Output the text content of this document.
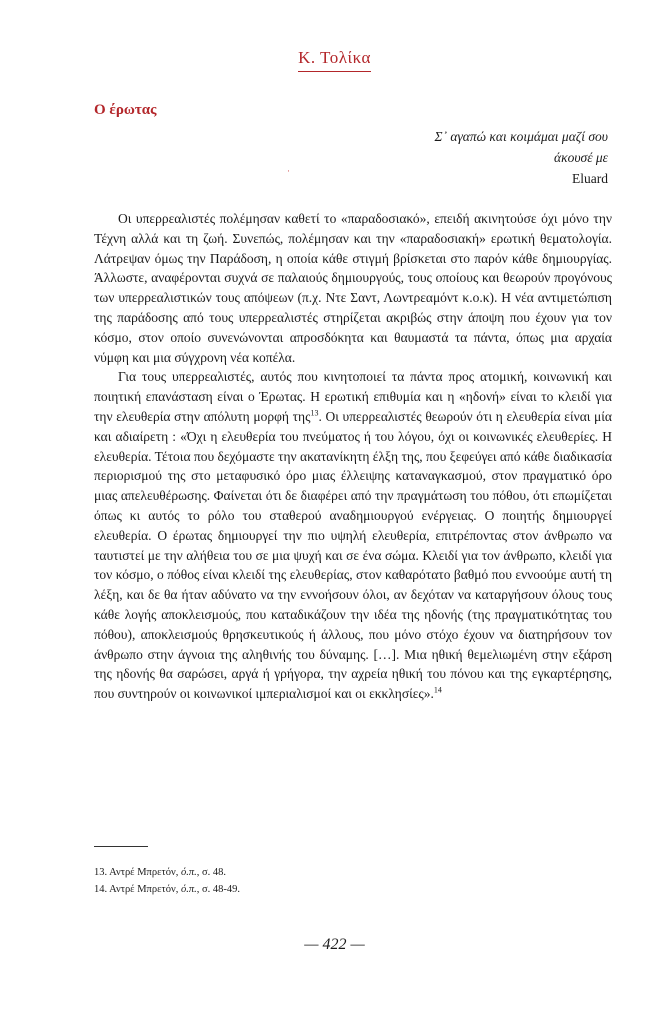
Κ. Τολίκα
Ο έρωτας
Σ᾽ αγαπώ και κοιμάμαι μαζί σου
άκουσέ με
Eluard
·

Οι υπερρεαλιστές πολέμησαν καθετί το «παραδοσιακό», επειδή ακινητούσε όχι μόνο την Τέχνη αλλά και τη ζωή. Συνεπώς, πολέμησαν και την «παραδοσιακή» ερωτική θεματολογία. Λάτρεψαν όμως την Παράδοση, η οποία κάθε στιγμή βρίσκεται στο παρόν κάθε δημιουργίας. Άλλωστε, αναφέρονται συχνά σε παλαιούς δημιουργούς, τους οποίους και θεωρούν προγόνους των υπερρεαλιστικών τους απόψεων (π.χ. Ντε Σαντ, Λωντρεαμόντ κ.ο.κ). Η νέα αντιμετώπιση της παράδοσης από τους υπερρεαλιστές στηρίζεται ακριβώς στην άποψη που έχουν για τον κόσμο, στον οποίο συνενώνονται απροσδόκητα και θαυμαστά τα πάντα, όπως μια αρχαία νύμφη και μια σύγχρονη νέα κοπέλα.

Για τους υπερρεαλιστές, αυτός που κινητοποιεί τα πάντα προς ατομική, κοινωνική και ποιητική επανάσταση είναι ο Έρωτας. Η ερωτική επιθυμία και η «ηδονή» είναι το κλειδί για την ελευθερία στην απόλυτη μορφή της$^{13}$. Οι υπερρεαλιστές θεωρούν ότι η ελευθερία είναι μία και αδιαίρετη : «Όχι η ελευθερία του πνεύματος ή του λόγου, όχι οι κοινωνικές ελευθερίες. Η ελευθερία. Τέτοια που δεχόμαστε την ακατανίκητη έλξη της, που ξεφεύγει από κάθε διαδικασία περιορισμού της στο μεταφυσικό όρο μιας έλλειψης καταναγκασμού, στον πραγματικό όρο μιας απελευθέρωσης. Φαίνεται ότι δε διαφέρει από την πραγμάτωση του πόθου, ότι επωμίζεται όπως κι αυτός το ρόλο του σταθερού αναδημιουργού ενέργειας. Ο ποιητής δημιουργεί ελευθερία. Ο έρωτας δημιουργεί την πιο υψηλή ελευθερία, επιτρέποντας στον άνθρωπο να ταυτιστεί με την αλήθεια του σε μια ψυχή και σε ένα σώμα. Κλειδί για τον άνθρωπο, κλειδί για τον κόσμο, ο πόθος είναι κλειδί της ελευθερίας, στον καθαρότατο βαθμό που εννοούμε αυτή τη λέξη, και δε θα ήταν αδύνατο να την εννοήσουν όλοι, αν δεχόταν να καταργήσουν όλους τους κάθε λογής αποκλεισμούς, που καταδικάζουν την ιδέα της ηδονής (της πραγματικότητας του πόθου), αποκλεισμούς θρησκευτικούς ή άλλους, που μόνο στόχο έχουν να διατηρήσουν τον άνθρωπο στην άγνοια της αληθινής του δύναμης. […]. Μια ηθική θεμελιωμένη στην εξάρση της ηδονής θα σαρώσει, αργά ή γρήγορα, την αχρεία ηθική του πόνου και της εγκαρτέρησης, που συντηρούν οι κοινωνικοί ιμπεριαλισμοί και οι εκκλησίες».$^{14}$

13. Αντρέ Μπρετόν, ό.π., σ. 48.
14. Αντρέ Μπρετόν, ό.π., σ. 48-49.
— 422 —
